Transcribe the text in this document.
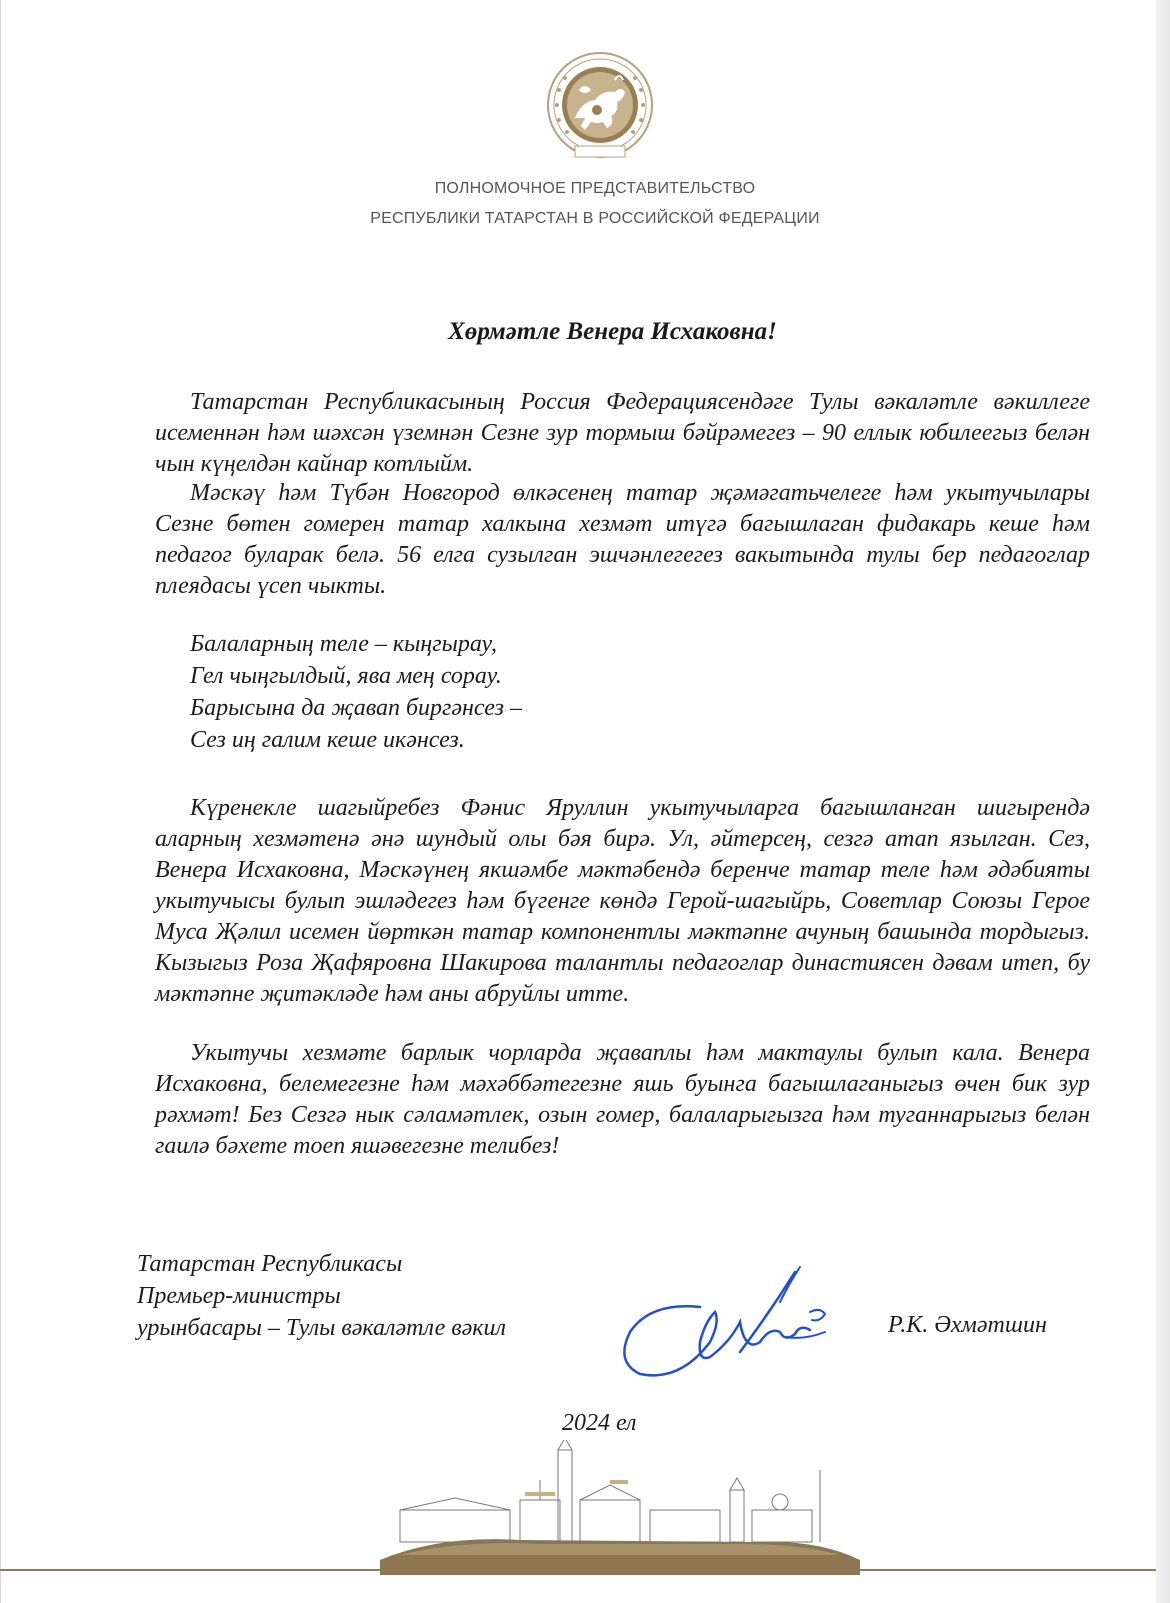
ПОЛНОМОЧНОЕ ПРЕДСТАВИТЕЛЬСТВО
РЕСПУБЛИКИ ТАТАРСТАН В РОССИЙСКОЙ ФЕДЕРАЦИИ
Хөрмәтле Венера Исхаковна!

Татарстан Республикасының Россия Федерациясендәге Тулы вәкаләтле вәкиллеге исеменнән һәм шәхсән үземнән Сезне зур тормыш бәйрәмегез – 90 еллык юбилеегыз белән чын күңелдән кайнар котлыйм.

Мәскәү һәм Түбән Новгород өлкәсенең татар җәмәгатьчелеге һәм укытучылары Сезне бөтен гомерен татар халкына хезмәт итүгә багышлаган фидакарь кеше һәм педагог буларак белә. 56 елга сузылган эшчәнлегегез вакытында тулы бер педагоглар плеядасы үсеп чыкты.

Балаларның теле – кыңгырау,
Гел чыңгылдый, ява мең сорау.
Барысына да җавап биргәнсез –
Сез иң галим кеше икәнсез.

Күренекле шагыйребез Фәнис Яруллин укытучыларга багышланган шигырендә аларның хезмәтенә әнә шундый олы бәя бирә. Ул, әйтерсең, сезгә атап язылган. Сез, Венера Исхаковна, Мәскәүнең якшәмбе мәктәбендә беренче татар теле һәм әдәбияты укытучысы булып эшләдегез һәм бүгенге көндә Герой-шагыйрь, Советлар Союзы Герое Муса Җәлил исемен йөрткән татар компонентлы мәктәпне ачуның башында тордыгыз. Кызыгыз Роза Җафяровна Шакирова талантлы педагоглар династиясен дәвам итеп, бу мәктәпне җитәкләде һәм аны абруйлы итте.

Укытучы хезмәте барлык чорларда җаваплы һәм мактаулы булып кала. Венера Исхаковна, белемегезне һәм мәхәббәтегезне яшь буынга багышлаганыгыз өчен бик зур рәхмәт! Без Сезгә нык сәламәтлек, озын гомер, балаларыгызга һәм туганнарыгыз белән гаилә бәхете тоеп яшәвегезне телибез!

Татарстан Республикасы
Премьер-министры
урынбасары – Тулы вәкаләтле вәкил	Р.К. Әхмәтшин
2024 ел
